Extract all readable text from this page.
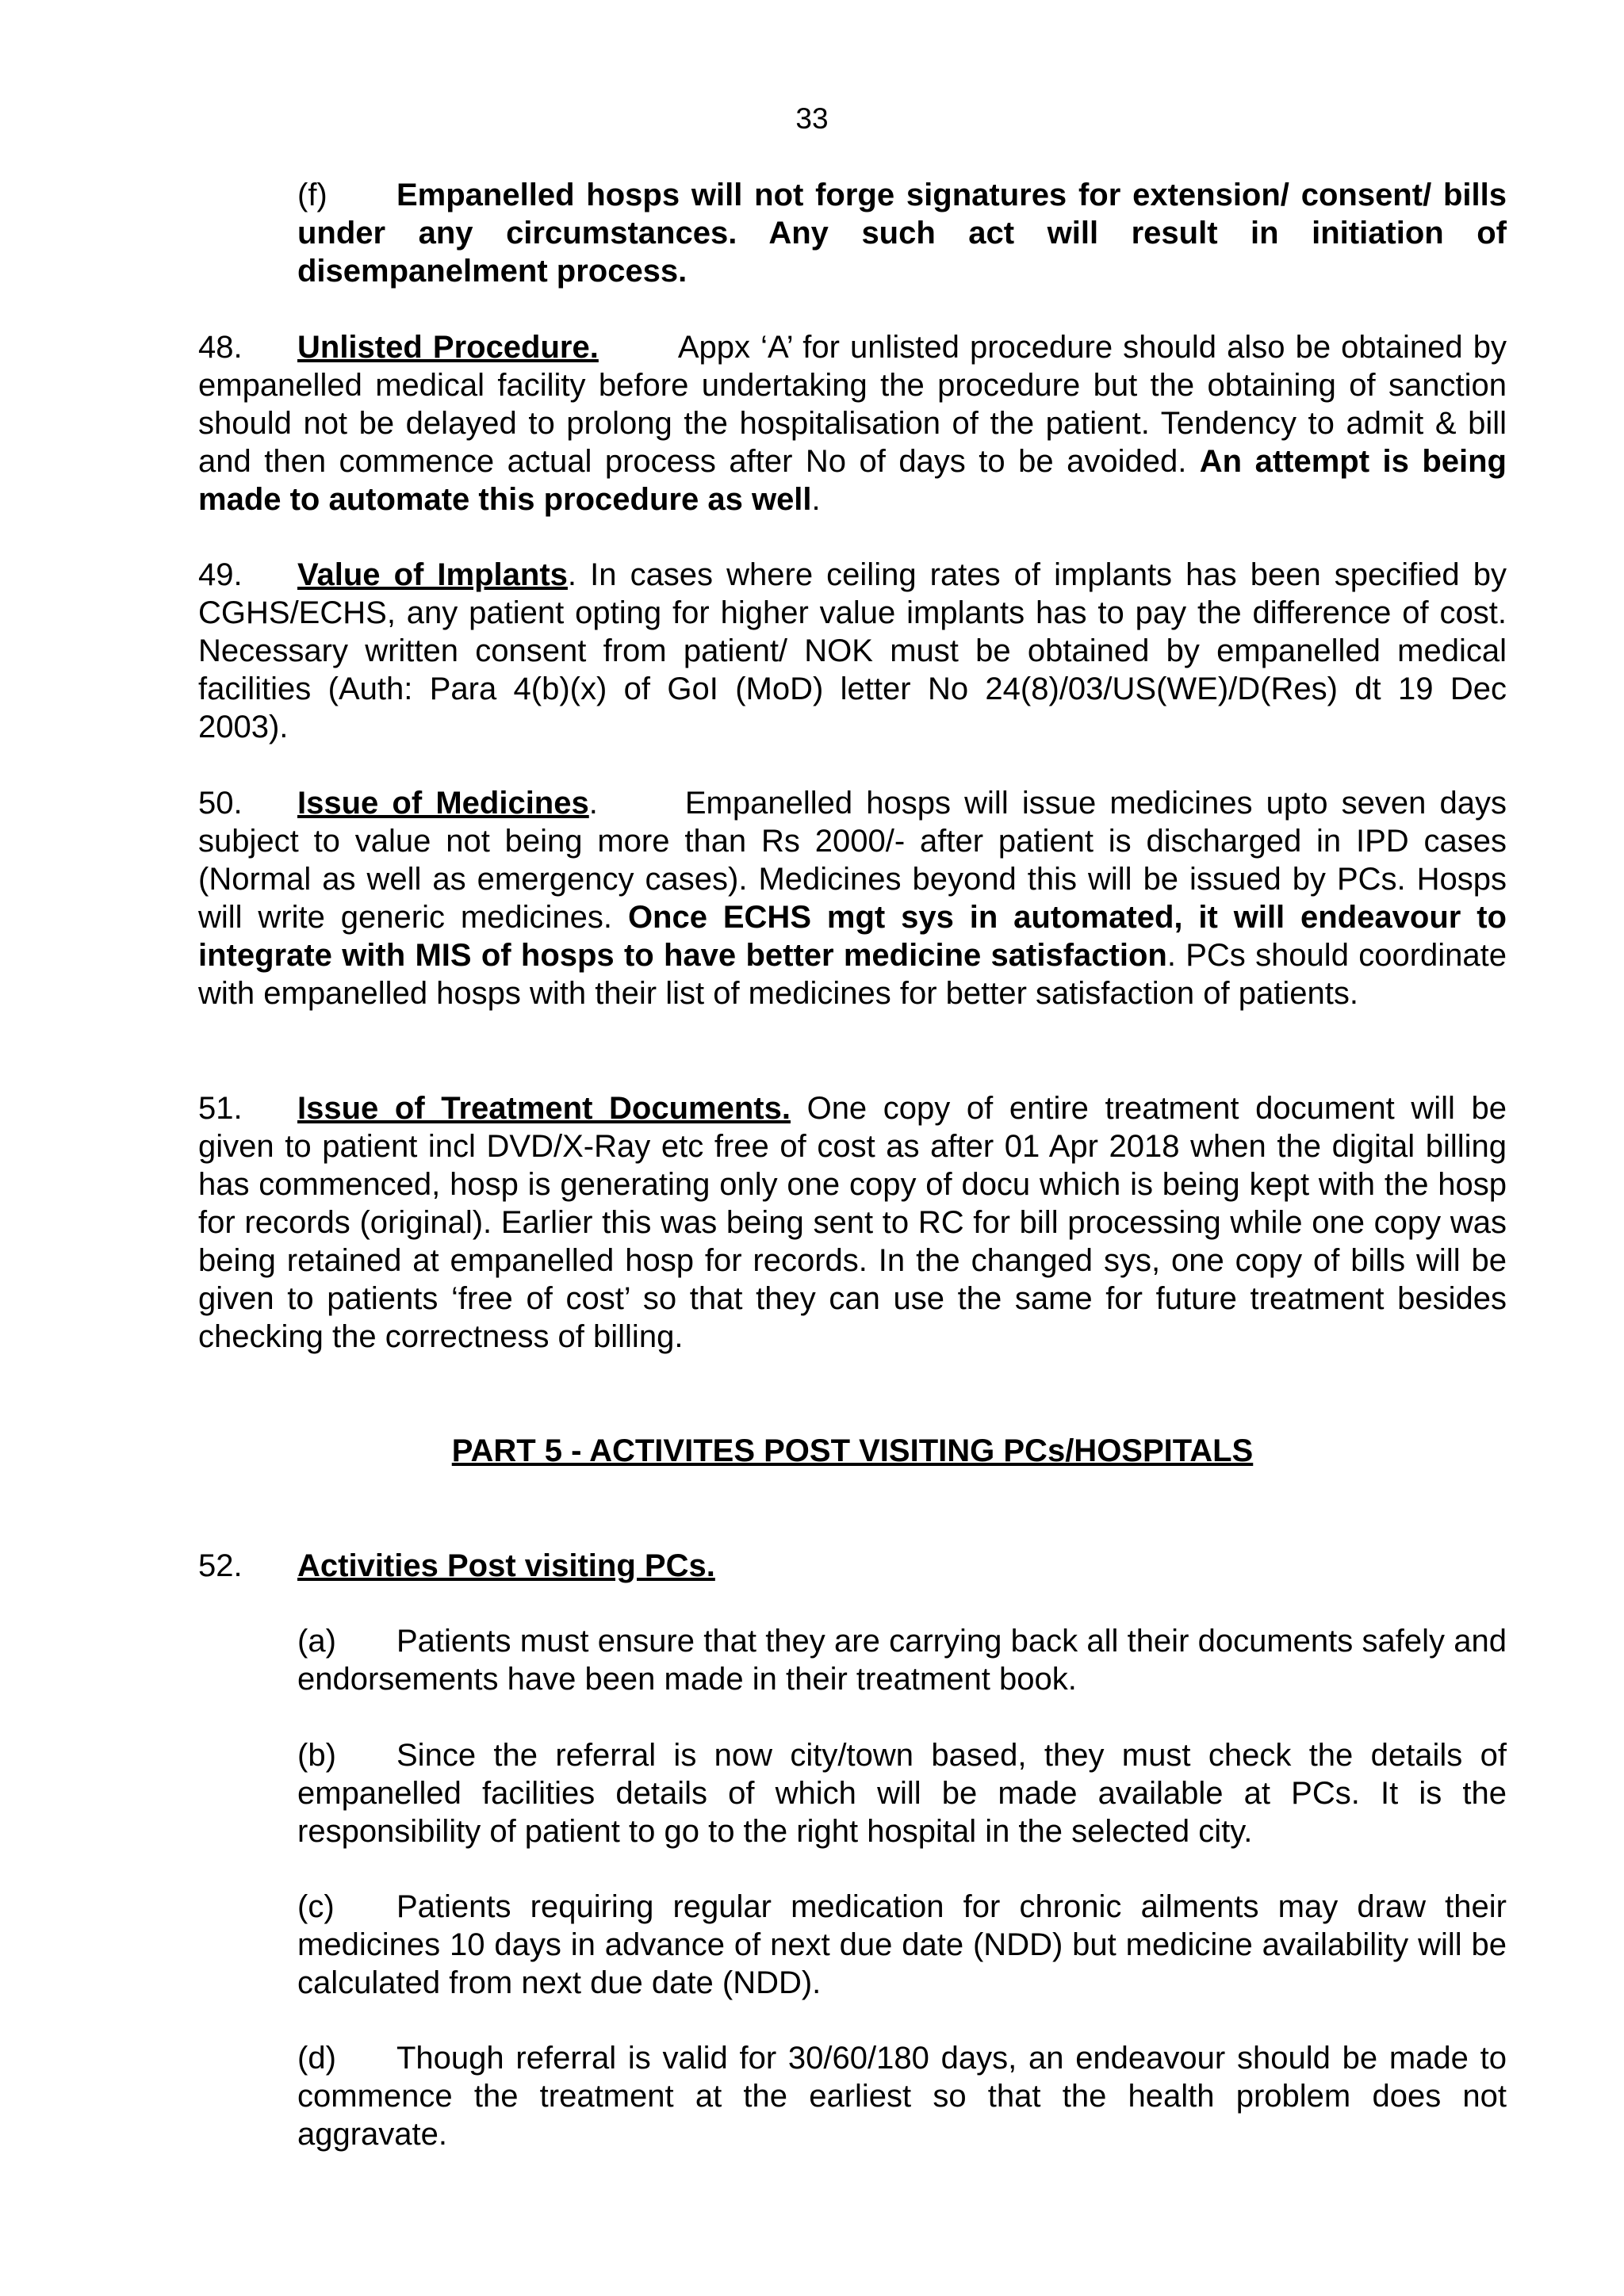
33
(f) Empanelled hosps will not forge signatures for extension/ consent/ bills under any circumstances. Any such act will result in initiation of disempanelment process.
48. Unlisted Procedure.	Appx ‘A’ for unlisted procedure should also be obtained by empanelled medical facility before undertaking the procedure but the obtaining of sanction should not be delayed to prolong the hospitalisation of the patient. Tendency to admit & bill and then commence actual process after No of days to be avoided. An attempt is being made to automate this procedure as well.
49. Value of Implants. In cases where ceiling rates of implants has been specified by CGHS/ECHS, any patient opting for higher value implants has to pay the difference of cost. Necessary written consent from patient/ NOK must be obtained by empanelled medical facilities (Auth: Para 4(b)(x) of GoI (MoD) letter No 24(8)/03/US(WE)/D(Res) dt 19 Dec 2003).
50. Issue of Medicines.	Empanelled hosps will issue medicines upto seven days subject to value not being more than Rs 2000/- after patient is discharged in IPD cases (Normal as well as emergency cases). Medicines beyond this will be issued by PCs. Hosps will write generic medicines. Once ECHS mgt sys in automated, it will endeavour to integrate with MIS of hosps to have better medicine satisfaction. PCs should coordinate with empanelled hosps with their list of medicines for better satisfaction of patients.
51. Issue of Treatment Documents. One copy of entire treatment document will be given to patient incl DVD/X-Ray etc free of cost as after 01 Apr 2018 when the digital billing has commenced, hosp is generating only one copy of docu which is being kept with the hosp for records (original). Earlier this was being sent to RC for bill processing while one copy was being retained at empanelled hosp for records. In the changed sys, one copy of bills will be given to patients ‘free of cost’ so that they can use the same for future treatment besides checking the correctness of billing.
PART 5 - ACTIVITES POST VISITING PCs/HOSPITALS
52. Activities Post visiting PCs.
(a) Patients must ensure that they are carrying back all their documents safely and endorsements have been made in their treatment book.
(b) Since the referral is now city/town based, they must check the details of empanelled facilities details of which will be made available at PCs. It is the responsibility of patient to go to the right hospital in the selected city.
(c) Patients requiring regular medication for chronic ailments may draw their medicines 10 days in advance of next due date (NDD) but medicine availability will be calculated from next due date (NDD).
(d) Though referral is valid for 30/60/180 days, an endeavour should be made to commence the treatment at the earliest so that the health problem does not aggravate.
